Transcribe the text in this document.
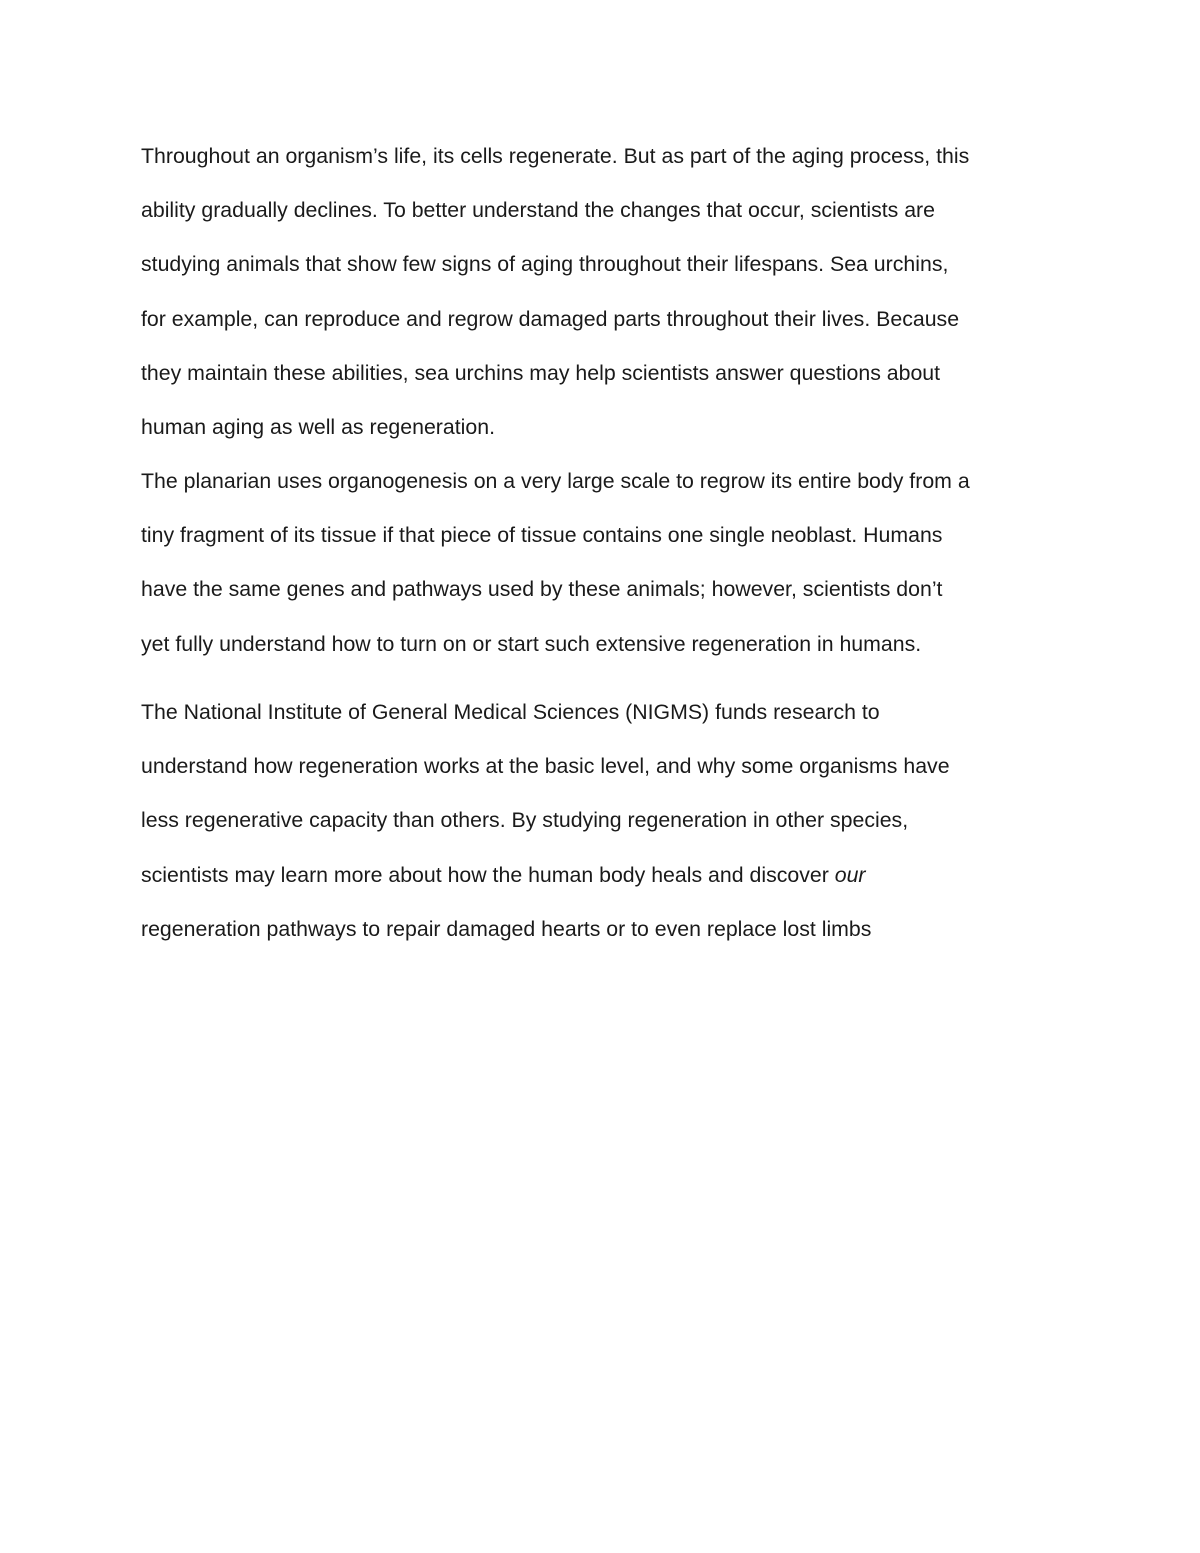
Throughout an organism’s life, its cells regenerate. But as part of the aging process, this
ability gradually declines. To better understand the changes that occur, scientists are
studying animals that show few signs of aging throughout their lifespans. Sea urchins,
for example, can reproduce and regrow damaged parts throughout their lives. Because
they maintain these abilities, sea urchins may help scientists answer questions about
human aging as well as regeneration.
The planarian uses organogenesis on a very large scale to regrow its entire body from a
tiny fragment of its tissue if that piece of tissue contains one single neoblast. Humans
have the same genes and pathways used by these animals; however, scientists don’t
yet fully understand how to turn on or start such extensive regeneration in humans.
The National Institute of General Medical Sciences (NIGMS) funds research to
understand how regeneration works at the basic level, and why some organisms have
less regenerative capacity than others. By studying regeneration in other species,
scientists may learn more about how the human body heals and discover our
regeneration pathways to repair damaged hearts or to even replace lost limbs
